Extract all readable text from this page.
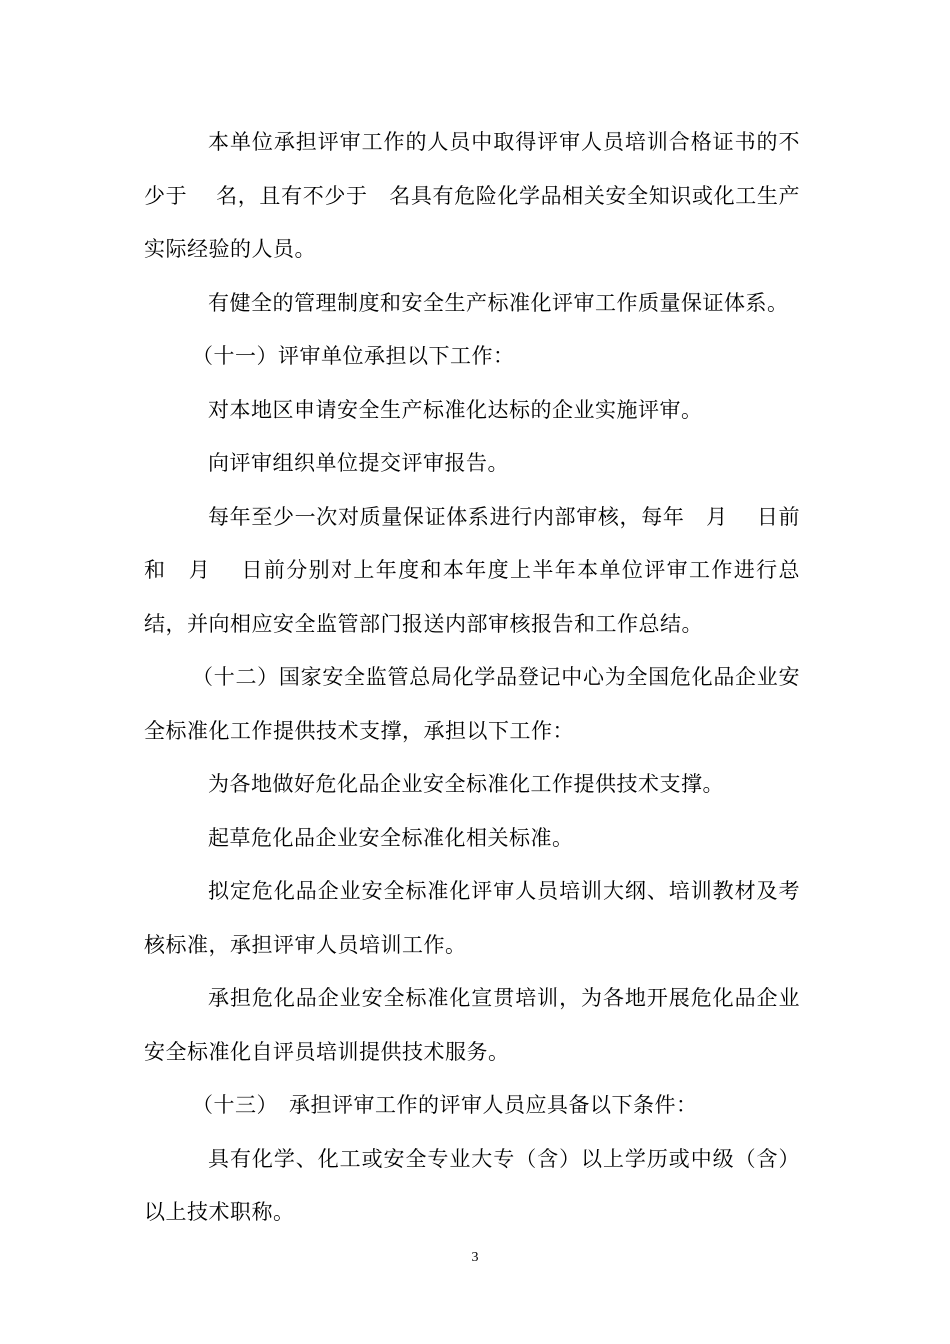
本单位承担评审工作的人员中取得评审人员培训合格证书的不少于　 名，且有不少于　名具有危险化学品相关安全知识或化工生产实际经验的人员。

有健全的管理制度和安全生产标准化评审工作质量保证体系。

（十一）评审单位承担以下工作：

对本地区申请安全生产标准化达标的企业实施评审。

向评审组织单位提交评审报告。

每年至少一次对质量保证体系进行内部审核，每年　月　 日前和　月　 日前分别对上年度和本年度上半年本单位评审工作进行总结，并向相应安全监管部门报送内部审核报告和工作总结。

（十二）国家安全监管总局化学品登记中心为全国危化品企业安全标准化工作提供技术支撑，承担以下工作：

为各地做好危化品企业安全标准化工作提供技术支撑。

起草危化品企业安全标准化相关标准。

拟定危化品企业安全标准化评审人员培训大纲、培训教材及考核标准，承担评审人员培训工作。

承担危化品企业安全标准化宣贯培训，为各地开展危化品企业安全标准化自评员培训提供技术服务。

（十三）　承担评审工作的评审人员应具备以下条件：

具有化学、化工或安全专业大专（含）以上学历或中级（含）以上技术职称。

3
